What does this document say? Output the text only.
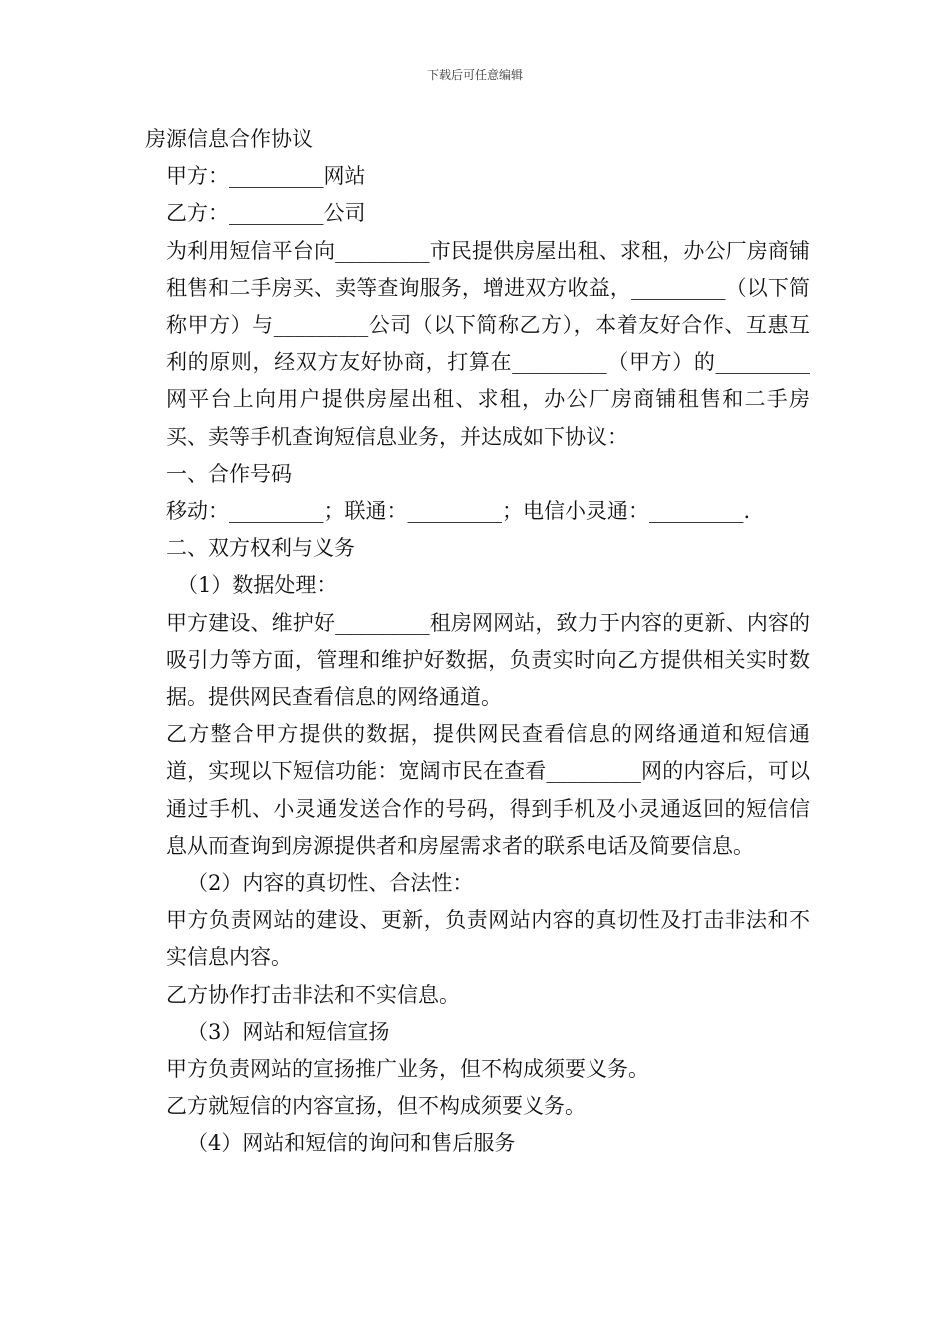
下载后可任意编辑

房源信息合作协议

甲方：_________网站

乙方：_________公司

为利用短信平台向_________市民提供房屋出租、求租，办公厂房商铺租售和二手房买、卖等查询服务，增进双方收益，_________（以下简称甲方）与_________公司（以下简称乙方），本着友好合作、互惠互利的原则，经双方友好协商，打算在_________（甲方）的_________网平台上向用户提供房屋出租、求租，办公厂房商铺租售和二手房买、卖等手机查询短信息业务，并达成如下协议：

一、合作号码

移动：_________；联通：_________；电信小灵通：_________.

二、双方权利与义务

（1）数据处理：

甲方建设、维护好_________租房网网站，致力于内容的更新、内容的吸引力等方面，管理和维护好数据，负责实时向乙方提供相关实时数据。提供网民查看信息的网络通道。

乙方整合甲方提供的数据，提供网民查看信息的网络通道和短信通道，实现以下短信功能：宽阔市民在查看_________网的内容后，可以通过手机、小灵通发送合作的号码，得到手机及小灵通返回的短信信息从而查询到房源提供者和房屋需求者的联系电话及简要信息。

（2）内容的真切性、合法性：

甲方负责网站的建设、更新，负责网站内容的真切性及打击非法和不实信息内容。

乙方协作打击非法和不实信息。

（3）网站和短信宣扬

甲方负责网站的宣扬推广业务，但不构成须要义务。

乙方就短信的内容宣扬，但不构成须要义务。

（4）网站和短信的询问和售后服务
